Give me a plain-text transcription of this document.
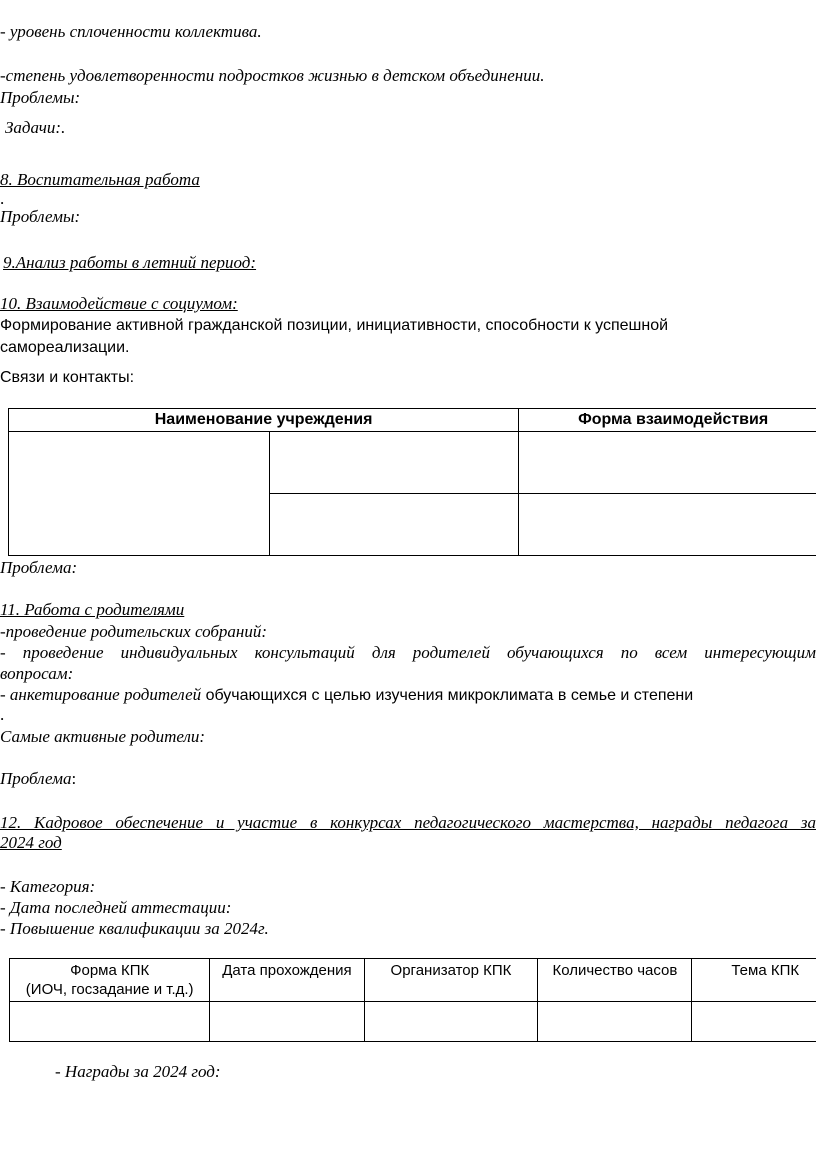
- уровень сплоченности коллектива.
-степень удовлетворенности подростков жизнью в детском объединении.
Проблемы:
Задачи:.
8. Воспитательная работа
.
Проблемы:
9.Анализ работы в летний период:
10. Взаимодействие с социумом:
Формирование активной гражданской позиции, инициативности, способности к успешной
самореализации.
Связи и контакты:
Наименование учреждения		Форма взаимодействия

Проблема:
11. Работа с родителями
-проведение родительских собраний:
- проведение индивидуальных консультаций для родителей обучающихся по всем интересующим
вопросам:
- анкетирование родителей обучающихся с целью изучения микроклимата в семье и степени
.
Самые активные родители:
Проблема:
12. Кадровое обеспечение и участие в конкурсах педагогического мастерства, награды педагога за
2024 год
- Категория:
- Дата последней аттестации:
- Повышение квалификации за 2024г.
Форма КПК
(ИОЧ, госзадание и т.д.)	Дата прохождения	Организатор КПК	Количество часов	Тема КПК

- Награды за 2024 год:
